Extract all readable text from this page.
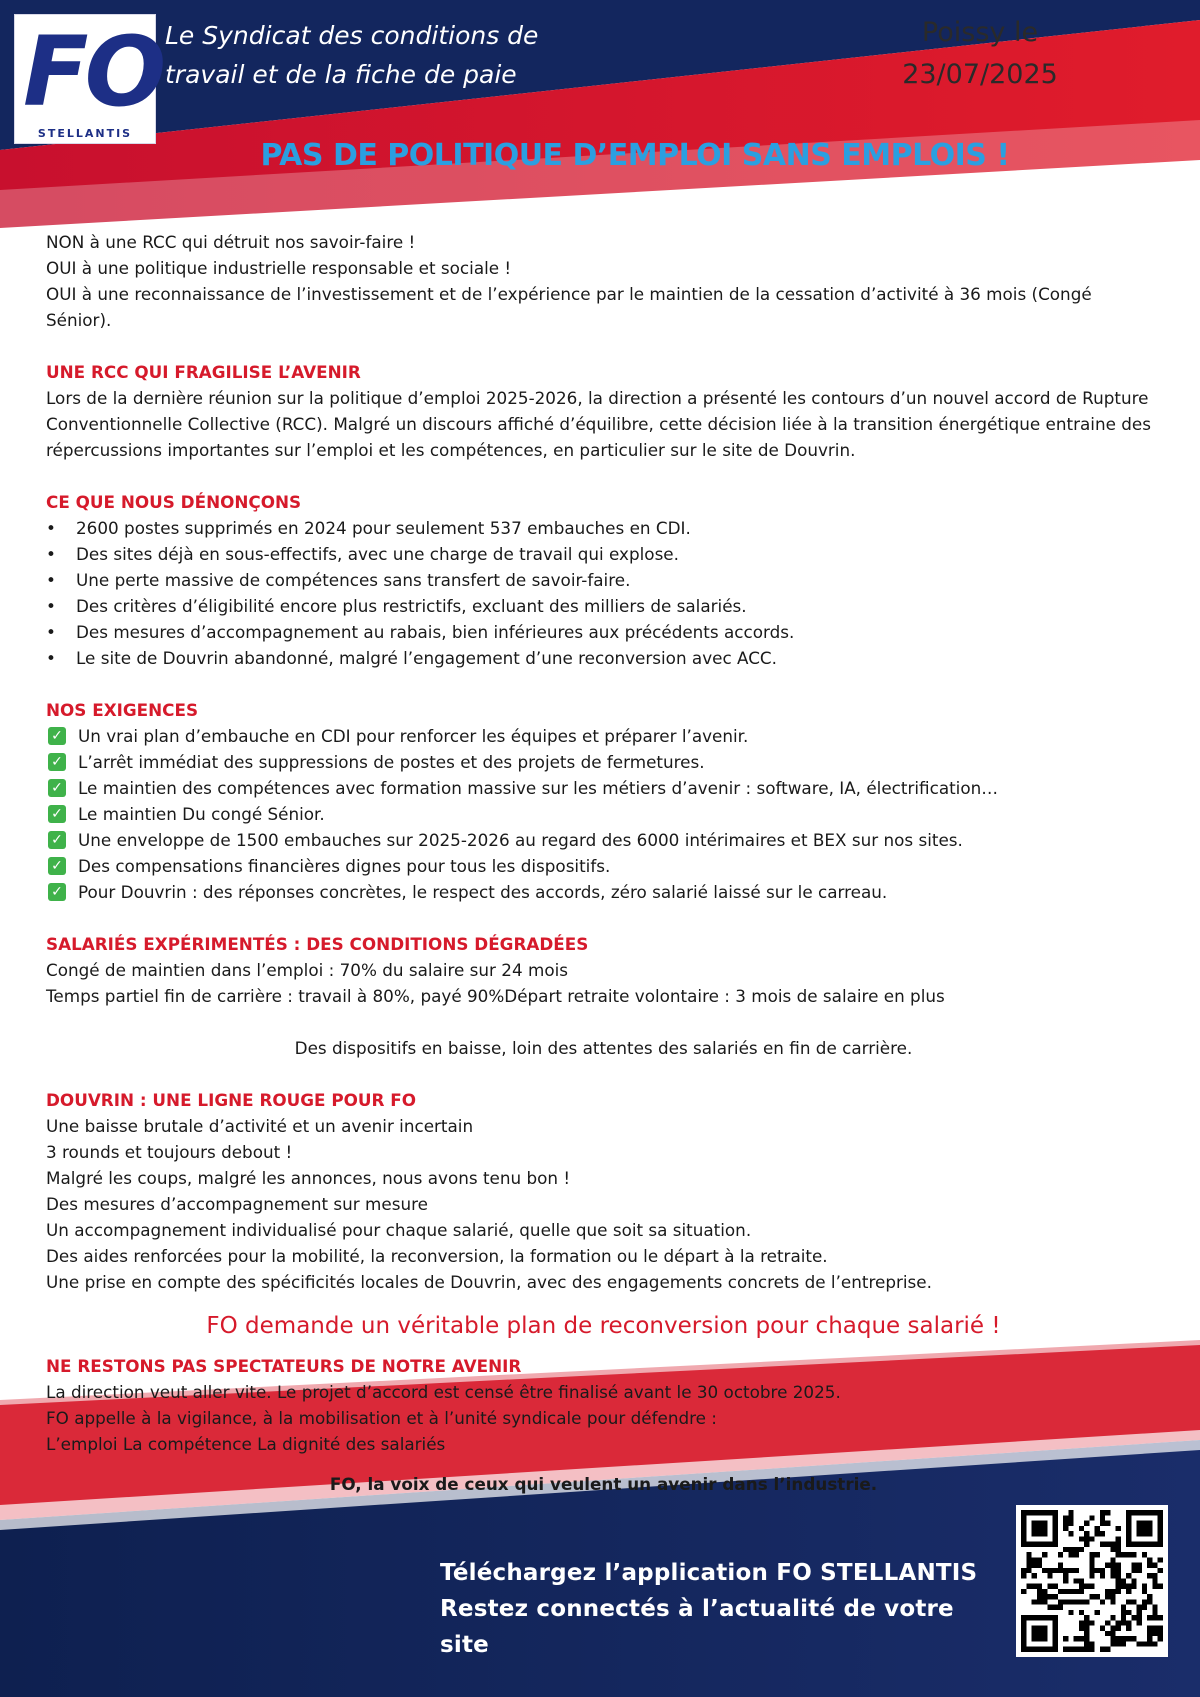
FO
STELLANTIS
Le Syndicat des conditions de
travail et de la fiche de paie
Poissy le
23/07/2025
PAS DE POLITIQUE D’EMPLOI SANS EMPLOIS !

NON à une RCC qui détruit nos savoir-faire !

OUI à une politique industrielle responsable et sociale !

OUI à une reconnaissance de l’investissement et de l’expérience par le maintien de la cessation d’activité à 36 mois (Congé Sénior).

UNE RCC QUI FRAGILISE L’AVENIR

Lors de la dernière réunion sur la politique d’emploi 2025-2026, la direction a présenté les contours d’un nouvel accord de Rupture Conventionnelle Collective (RCC). Malgré un discours affiché d’équilibre, cette décision liée à la transition énergétique entraine des répercussions importantes sur l’emploi et les compétences, en particulier sur le site de Douvrin.

CE QUE NOUS DÉNONÇONS

• 2600 postes supprimés en 2024 pour seulement 537 embauches en CDI.
• Des sites déjà en sous-effectifs, avec une charge de travail qui explose.
• Une perte massive de compétences sans transfert de savoir-faire.
• Des critères d’éligibilité encore plus restrictifs, excluant des milliers de salariés.
• Des mesures d’accompagnement au rabais, bien inférieures aux précédents accords.
• Le site de Douvrin abandonné, malgré l’engagement d’une reconversion avec ACC.

NOS EXIGENCES

✓ Un vrai plan d’embauche en CDI pour renforcer les équipes et préparer l’avenir.
✓ L’arrêt immédiat des suppressions de postes et des projets de fermetures.
✓ Le maintien des compétences avec formation massive sur les métiers d’avenir : software, IA, électrification…
✓ Le maintien Du congé Sénior.
✓ Une enveloppe de 1500 embauches sur 2025-2026 au regard des 6000 intérimaires et BEX sur nos sites.
✓ Des compensations financières dignes pour tous les dispositifs.
✓ Pour Douvrin : des réponses concrètes, le respect des accords, zéro salarié laissé sur le carreau.

SALARIÉS EXPÉRIMENTÉS : DES CONDITIONS DÉGRADÉES

Congé de maintien dans l’emploi : 70% du salaire sur 24 mois

Temps partiel fin de carrière : travail à 80%, payé 90%Départ retraite volontaire : 3 mois de salaire en plus

Des dispositifs en baisse, loin des attentes des salariés en fin de carrière.

DOUVRIN : UNE LIGNE ROUGE POUR FO

Une baisse brutale d’activité et un avenir incertain

3 rounds et toujours debout !

Malgré les coups, malgré les annonces, nous avons tenu bon !

Des mesures d’accompagnement sur mesure

Un accompagnement individualisé pour chaque salarié, quelle que soit sa situation.

Des aides renforcées pour la mobilité, la reconversion, la formation ou le départ à la retraite.

Une prise en compte des spécificités locales de Douvrin, avec des engagements concrets de l’entreprise.

FO demande un véritable plan de reconversion pour chaque salarié !

NE RESTONS PAS SPECTATEURS DE NOTRE AVENIR

La direction veut aller vite. Le projet d’accord est censé être finalisé avant le 30 octobre 2025.

FO appelle à la vigilance, à la mobilisation et à l’unité syndicale pour défendre :

L’emploi La compétence La dignité des salariés

FO, la voix de ceux qui veulent un avenir dans l’industrie.

Téléchargez l’application FO STELLANTIS
Restez connectés à l’actualité de votre site
